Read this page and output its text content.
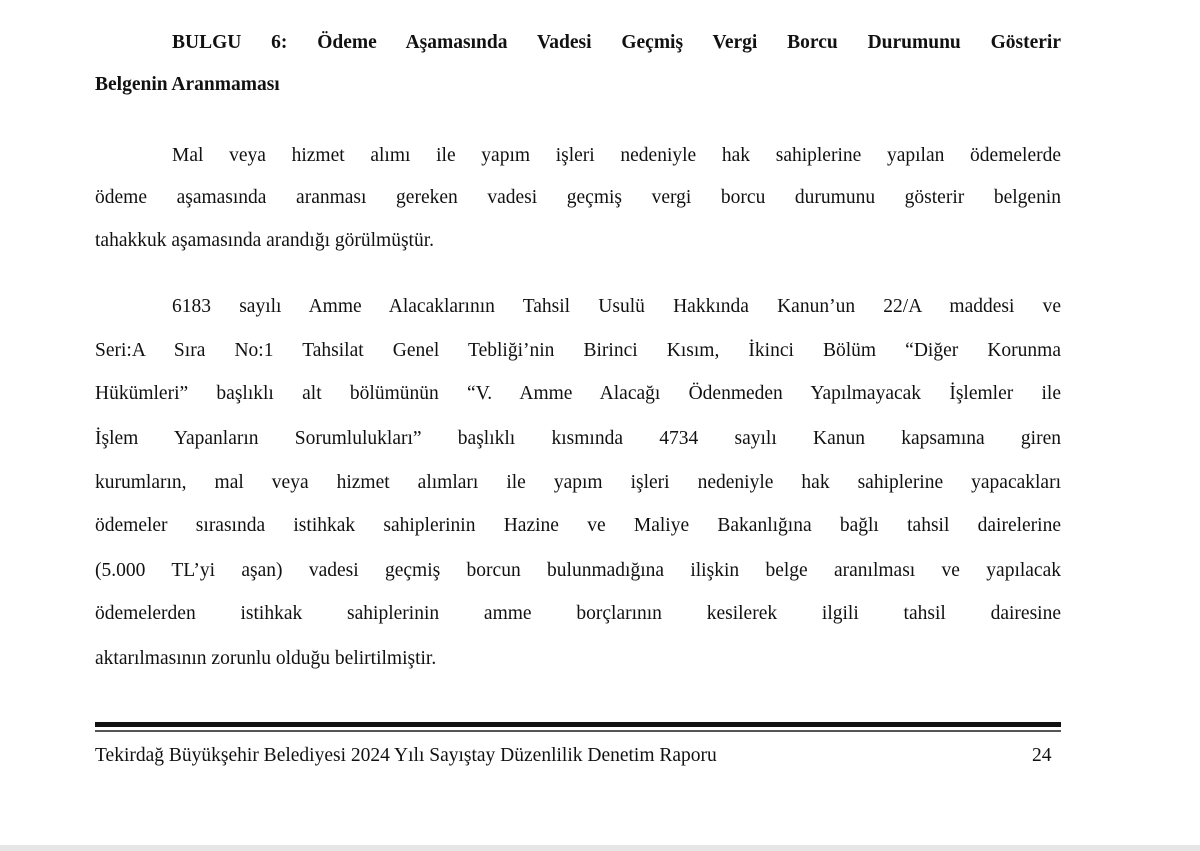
BULGU 6: Ödeme Aşamasında Vadesi Geçmiş Vergi Borcu Durumunu Gösterir
Belgenin Aranmaması
Mal veya hizmet alımı ile yapım işleri nedeniyle hak sahiplerine yapılan ödemelerde
ödeme aşamasında aranması gereken vadesi geçmiş vergi borcu durumunu gösterir belgenin
tahakkuk aşamasında arandığı görülmüştür.
6183 sayılı Amme Alacaklarının Tahsil Usulü Hakkında Kanun’un 22/A maddesi ve
Seri:A Sıra No:1 Tahsilat Genel Tebliği’nin Birinci Kısım, İkinci Bölüm “Diğer Korunma
Hükümleri” başlıklı alt bölümünün “V. Amme Alacağı Ödenmeden Yapılmayacak İşlemler ile
İşlem Yapanların Sorumlulukları” başlıklı kısmında 4734 sayılı Kanun kapsamına giren
kurumların, mal veya hizmet alımları ile yapım işleri nedeniyle hak sahiplerine yapacakları
ödemeler sırasında istihkak sahiplerinin Hazine ve Maliye Bakanlığına bağlı tahsil dairelerine
(5.000 TL’yi aşan) vadesi geçmiş borcun bulunmadığına ilişkin belge aranılması ve yapılacak
ödemelerden istihkak sahiplerinin amme borçlarının kesilerek ilgili tahsil dairesine
aktarılmasının zorunlu olduğu belirtilmiştir.
Tekirdağ Büyükşehir Belediyesi 2024 Yılı Sayıştay Düzenlilik Denetim Raporu	24
